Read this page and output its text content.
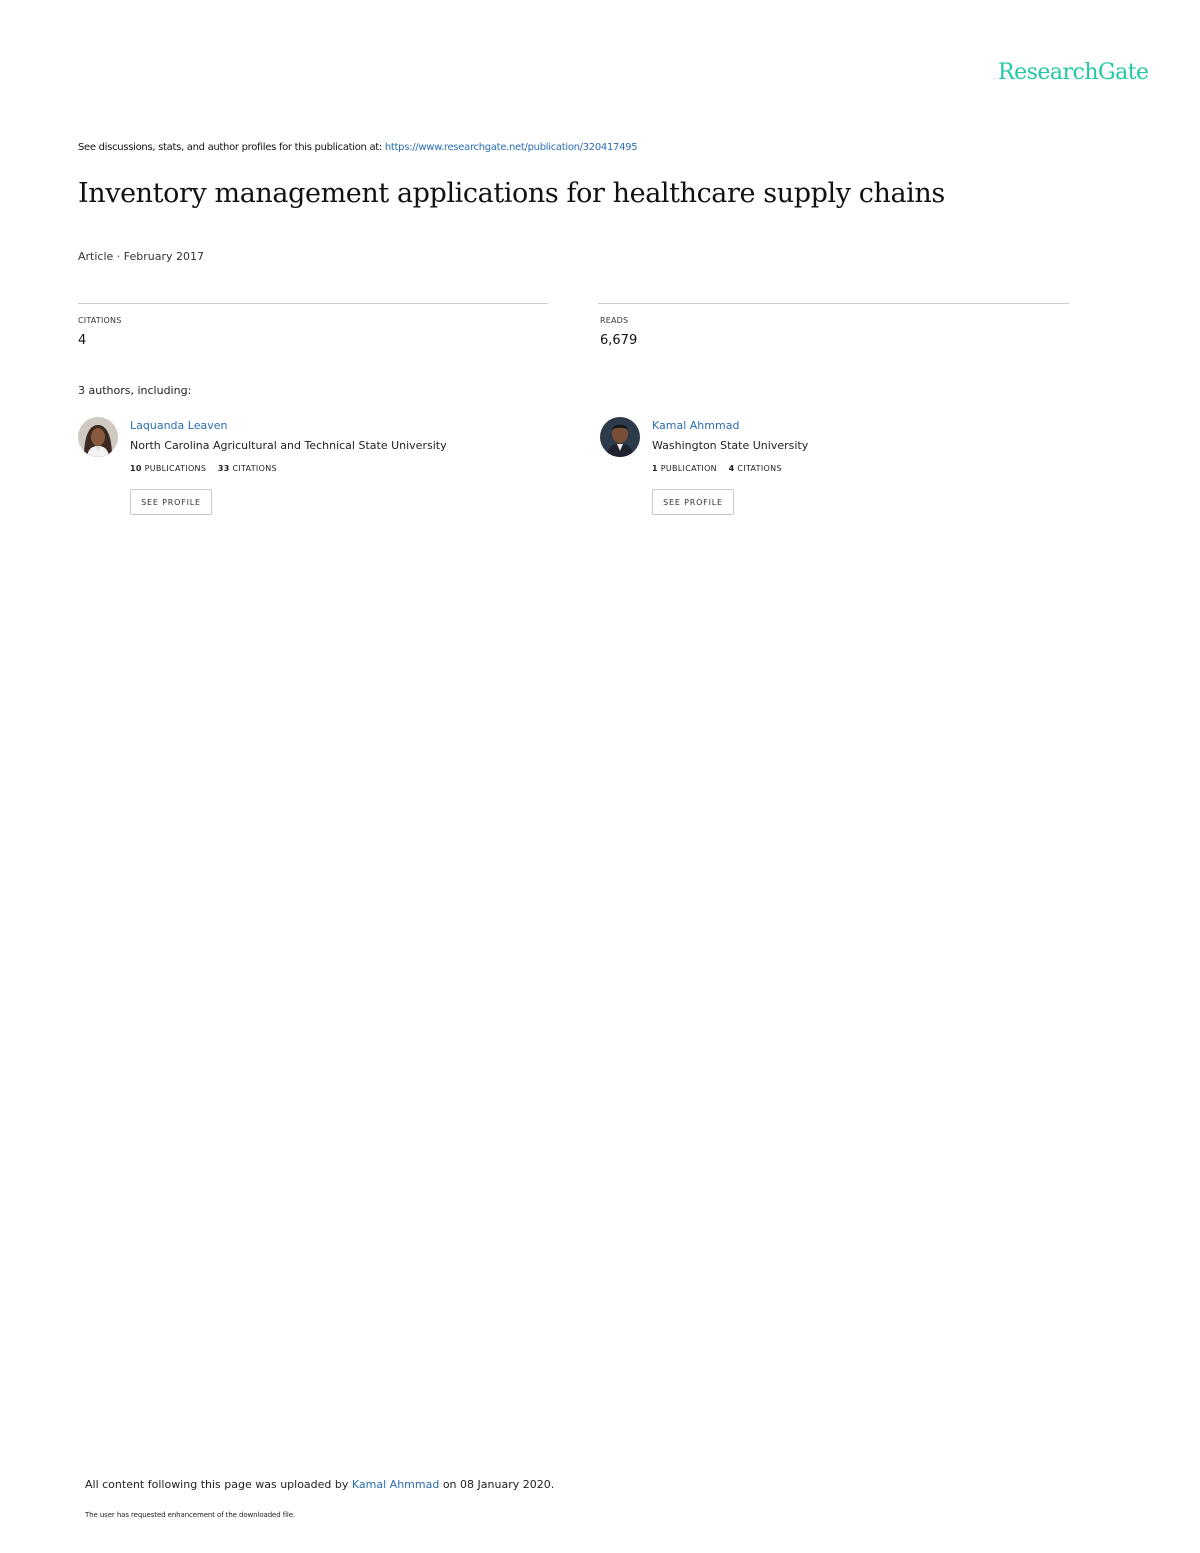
ResearchGate
See discussions, stats, and author profiles for this publication at: https://www.researchgate.net/publication/320417495
Inventory management applications for healthcare supply chains
Article · February 2017
CITATIONS
4
READS
6,679
3 authors, including:
Laquanda Leaven
North Carolina Agricultural and Technical State University
10 PUBLICATIONS 33 CITATIONS
SEE PROFILE
Kamal Ahmmad
Washington State University
1 PUBLICATION 4 CITATIONS
SEE PROFILE
All content following this page was uploaded by Kamal Ahmmad on 08 January 2020.
The user has requested enhancement of the downloaded file.
